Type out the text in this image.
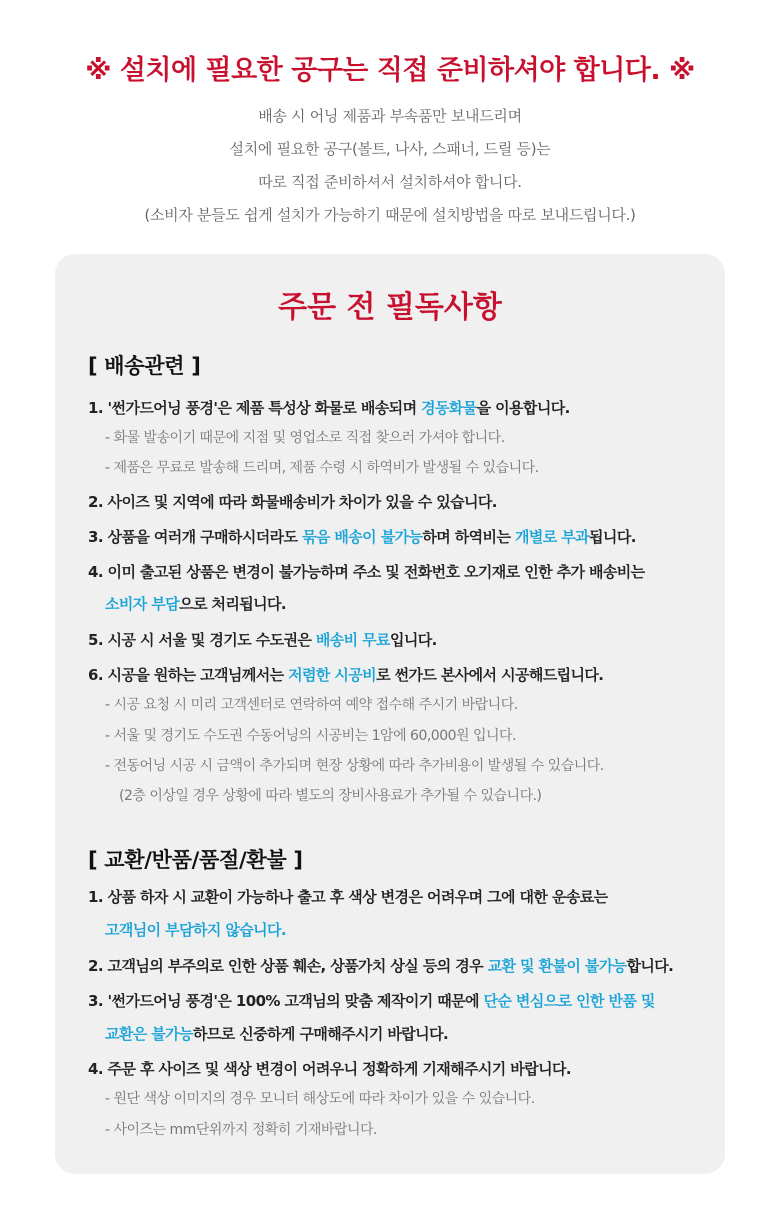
※ 설치에 필요한 공구는 직접 준비하셔야 합니다. ※
배송 시 어닝 제품과 부속품만 보내드리며
설치에 필요한 공구(볼트, 나사, 스패너, 드릴 등)는
따로 직접 준비하셔서 설치하셔야 합니다.
(소비자 분들도 쉽게 설치가 가능하기 때문에 설치방법을 따로 보내드립니다.)
주문 전 필독사항
[ 배송관련 ]
1. '썬가드어닝 풍경'은 제품 특성상 화물로 배송되며 경동화물을 이용합니다.
- 화물 발송이기 때문에 지점 및 영업소로 직접 찾으러 가셔야 합니다.
- 제품은 무료로 발송해 드리며, 제품 수령 시 하역비가 발생될 수 있습니다.
2. 사이즈 및 지역에 따라 화물배송비가 차이가 있을 수 있습니다.
3. 상품을 여러개 구매하시더라도 묶음 배송이 불가능하며 하역비는 개별로 부과됩니다.
4. 이미 출고된 상품은 변경이 불가능하며 주소 및 전화번호 오기재로 인한 추가 배송비는
소비자 부담으로 처리됩니다.
5. 시공 시 서울 및 경기도 수도권은 배송비 무료입니다.
6. 시공을 원하는 고객님께서는 저렴한 시공비로 썬가드 본사에서 시공해드립니다.
- 시공 요청 시 미리 고객센터로 연락하여 예약 접수해 주시기 바랍니다.
- 서울 및 경기도 수도권 수동어닝의 시공비는 1암에 60,000원 입니다.
- 전동어닝 시공 시 금액이 추가되며 현장 상황에 따라 추가비용이 발생될 수 있습니다.
(2층 이상일 경우 상황에 따라 별도의 장비사용료가 추가될 수 있습니다.)
[ 교환/반품/품절/환불 ]
1. 상품 하자 시 교환이 가능하나 출고 후 색상 변경은 어려우며 그에 대한 운송료는
고객님이 부담하지 않습니다.
2. 고객님의 부주의로 인한 상품 훼손, 상품가치 상실 등의 경우 교환 및 환불이 불가능합니다.
3. '썬가드어닝 풍경'은 100% 고객님의 맞춤 제작이기 때문에 단순 변심으로 인한 반품 및
교환은 불가능하므로 신중하게 구매해주시기 바랍니다.
4. 주문 후 사이즈 및 색상 변경이 어려우니 정확하게 기재해주시기 바랍니다.
- 원단 색상 이미지의 경우 모니터 해상도에 따라 차이가 있을 수 있습니다.
- 사이즈는 mm단위까지 정확히 기재바랍니다.
